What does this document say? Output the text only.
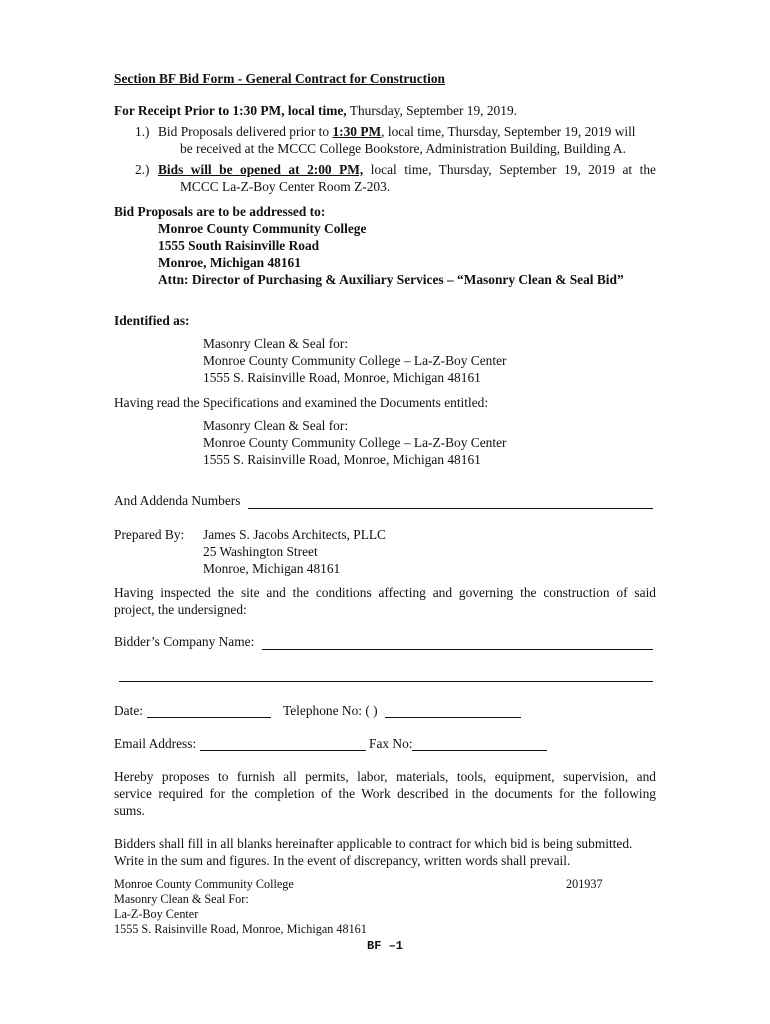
Section BF Bid Form - General Contract for Construction
For Receipt Prior to 1:30 PM, local time, Thursday, September 19, 2019.
1.) Bid Proposals delivered prior to 1:30 PM, local time, Thursday, September 19, 2019 will
be received at the MCCC College Bookstore, Administration Building, Building A.
2.) Bids will be opened at 2:00 PM, local time, Thursday, September 19, 2019 at the
MCCC La-Z-Boy Center Room Z-203.
Bid Proposals are to be addressed to:
Monroe County Community College
1555 South Raisinville Road
Monroe, Michigan 48161
Attn: Director of Purchasing & Auxiliary Services – “Masonry Clean & Seal Bid”
Identified as:
Masonry Clean & Seal for:
Monroe County Community College – La-Z-Boy Center
1555 S. Raisinville Road, Monroe, Michigan 48161
Having read the Specifications and examined the Documents entitled:
Masonry Clean & Seal for:
Monroe County Community College – La-Z-Boy Center
1555 S. Raisinville Road, Monroe, Michigan 48161
And Addenda Numbers
Prepared By: James S. Jacobs Architects, PLLC
25 Washington Street
Monroe, Michigan 48161
Having inspected the site and the conditions affecting and governing the construction of said
project, the undersigned:
Bidder’s Company Name:
Date:	Telephone No: ( )
Email Address:	Fax No:
Hereby proposes to furnish all permits, labor, materials, tools, equipment, supervision, and
service required for the completion of the Work described in the documents for the following
sums.
Bidders shall fill in all blanks hereinafter applicable to contract for which bid is being submitted.
Write in the sum and figures. In the event of discrepancy, written words shall prevail.
Monroe County Community College	201937
Masonry Clean & Seal For:
La-Z-Boy Center
1555 S. Raisinville Road, Monroe, Michigan 48161
BF –1
